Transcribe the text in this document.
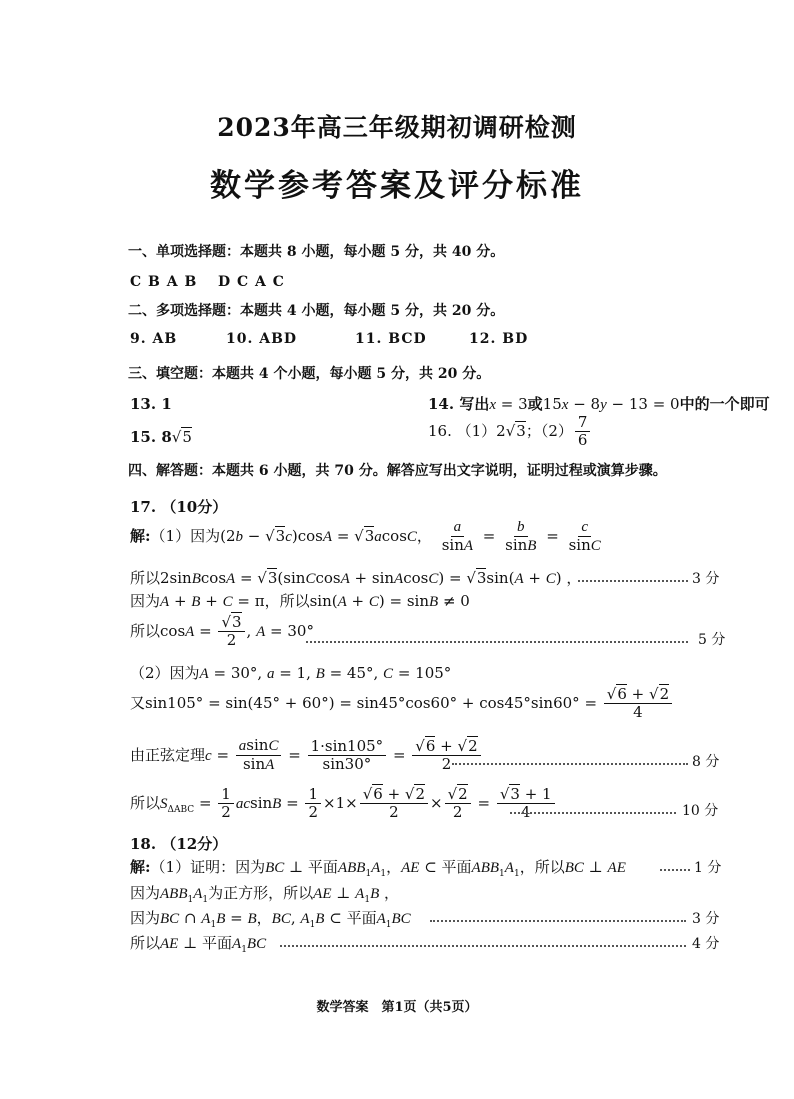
2023年高三年级期初调研检测
数学参考答案及评分标准
一、单项选择题：本题共 8 小题，每小题 5 分，共 40 分。
C B A B D C A C
二、多项选择题：本题共 4 小题，每小题 5 分，共 20 分。
9. AB	10. ABD	11. BCD	12. BD
三、填空题：本题共 4 个小题，每小题 5 分，共 20 分。
13. 1	14. 写出x = 3或15x − 8y − 13 = 0中的一个即可
15. 8√5	16. （1）2√3；$(2) \frac{7}{6}$
四、解答题：本题共 6 小题，共 70 分。解答应写出文字说明，证明过程或演算步骤。
17. （10分）
解:（1）因为(2b − √3c)cosA = √3acosC， $\frac{a}{\sin A} = \frac{b}{\sin B} = \frac{c}{\sin C}$
所以2sinBcosA = √3(sinCcosA + sinAcosC) = √3sin(A + C) ，	3 分
因为A + B + C = π，所以sin(A + C) = sinB ≠ 0
所以$\cos A = \frac{√3}{2}$ , A = 30°
5 分
（2）因为A = 30°, a = 1, B = 45°, C = 105°
又$\sin 105^\circ = \sin(45^\circ + 60^\circ) = \sin 45^\circ\cos 60^\circ + \cos 45^\circ\sin 60^\circ = \frac{√6 + √2}{4}$
由正弦定理$c = \frac{asinC}{\sin A} = \frac{1\cdot\sin 105^\circ}{\sin 30^\circ} = \frac{√6 + √2}{2}$	8 分
所以$S_{\Delta ABC} = \frac{1}{2}$ $acsinB = \frac{1}{2} \times 1\times \frac{√6 + √2}{2} \times \frac{√2}{2} = \frac{√3 + 1}{4}$	10 分
18. （12分）
解:（1）证明：因为BC ⊥ 平面$ABB_1A_1$，AE ⊂ 平面$ABB_1A_1$，所以BC ⊥ AE	1 分
因为$ABB_1A_1$为正方形，所以AE ⊥ $A_1B$ ，
因为BC ∩ $A_1B = B$，BC, $A_1B$ ⊂ 平面$A_1BC$	3 分
所以AE ⊥ 平面$A_1BC$	4 分
数学答案　第1页（共5页）
